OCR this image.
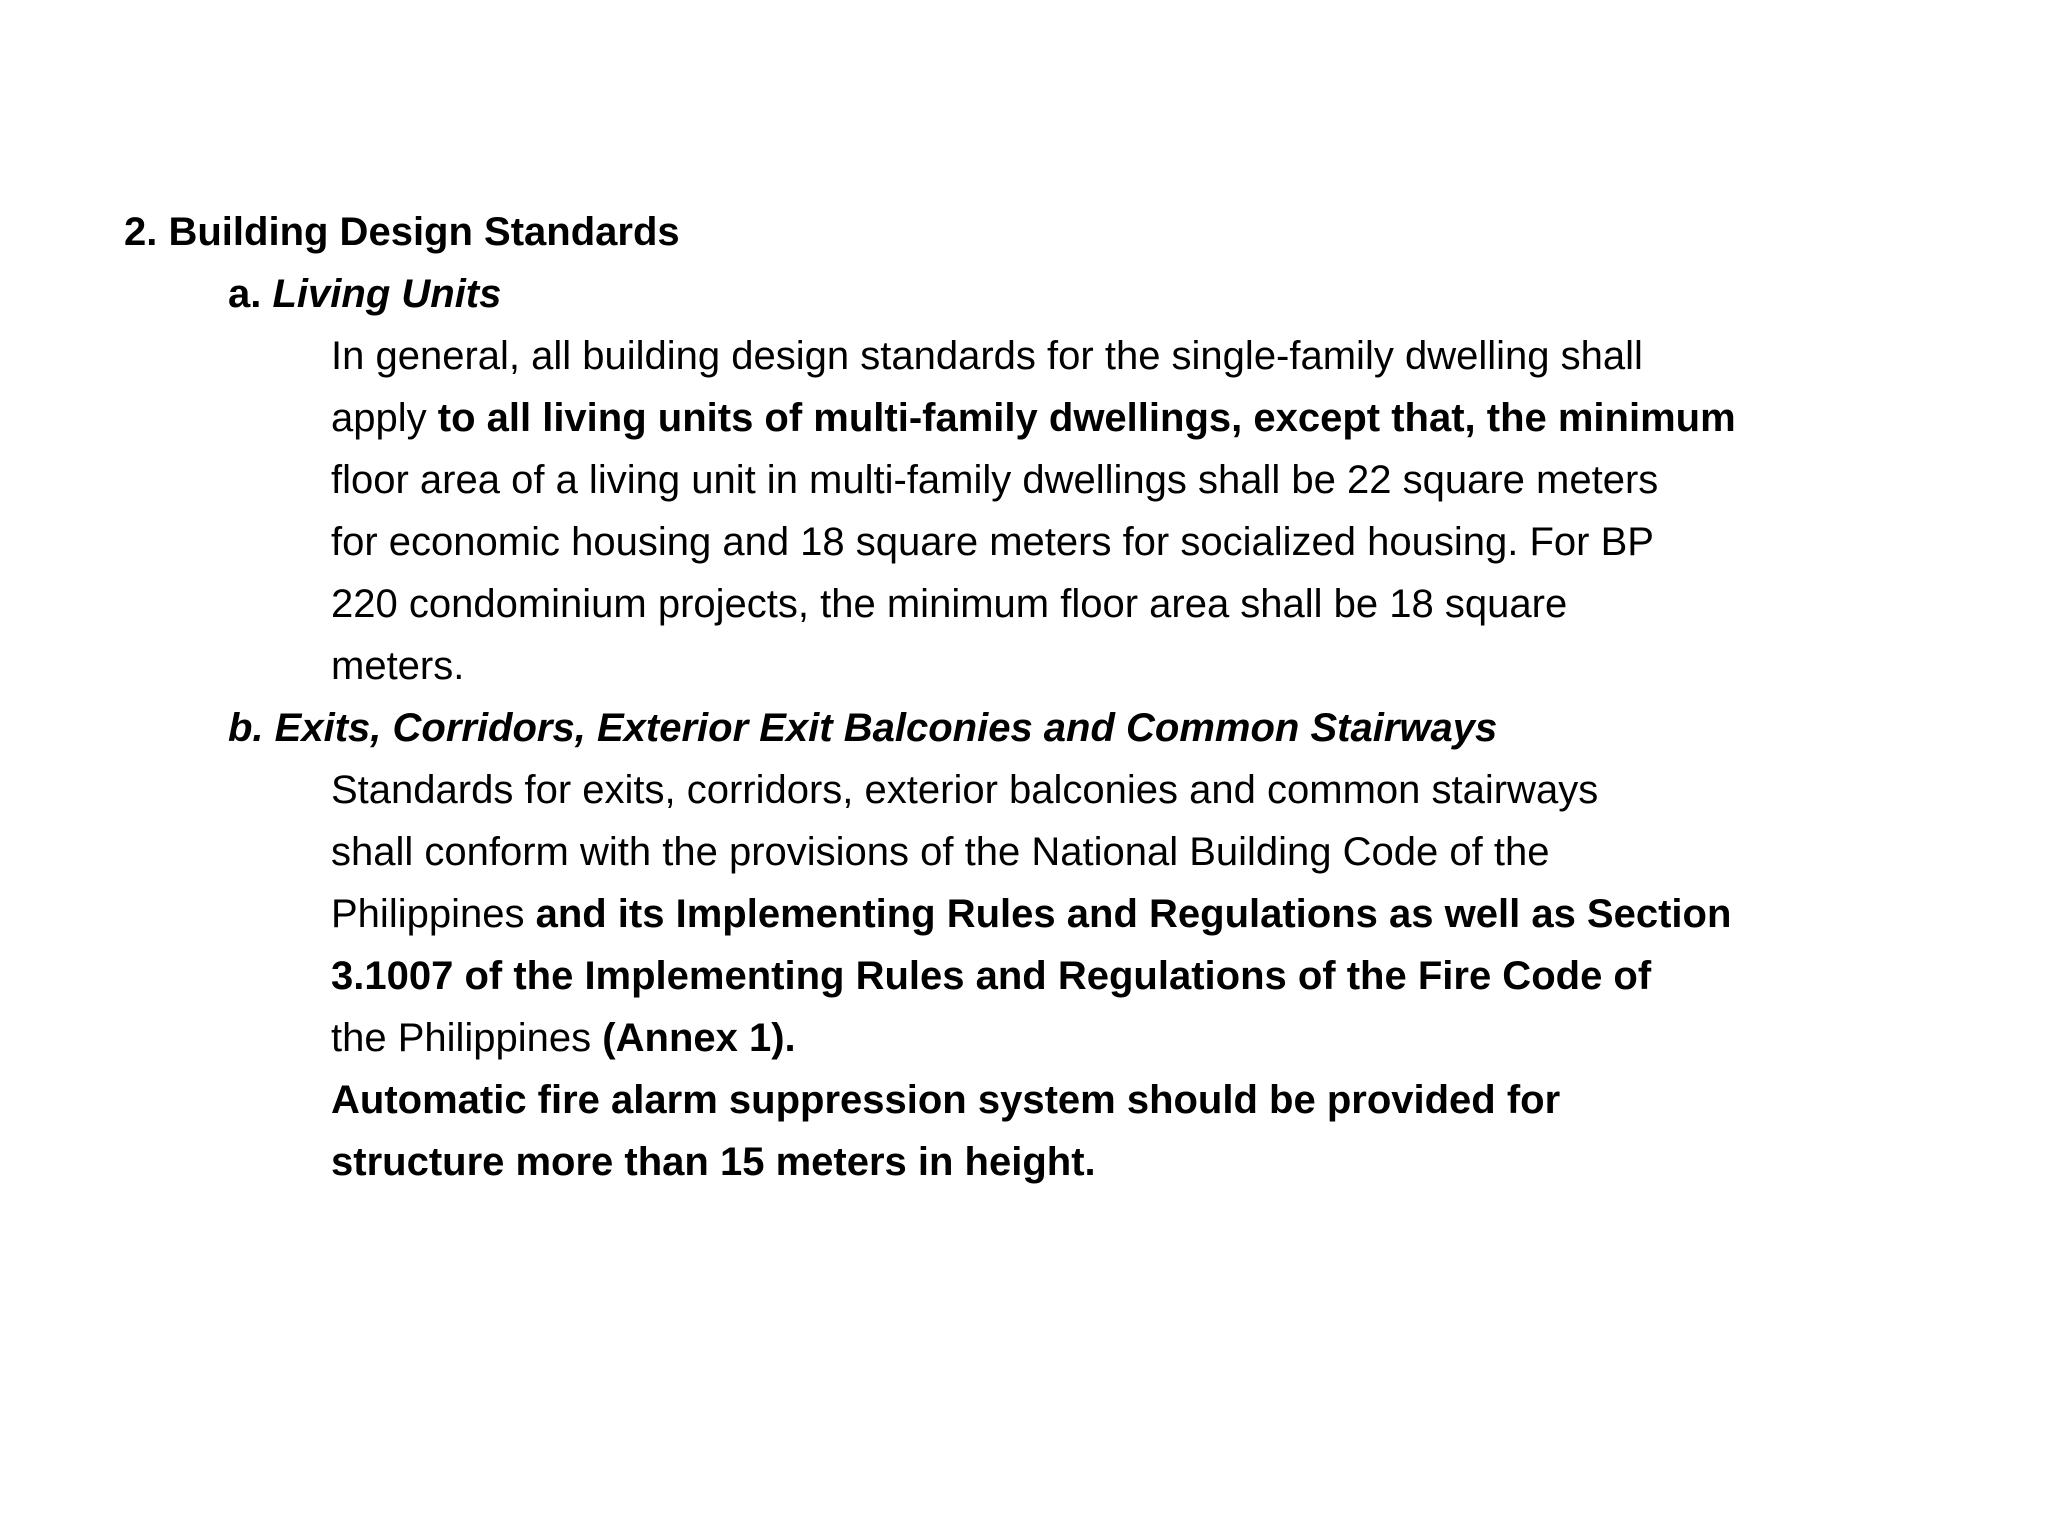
2. Building Design Standards
a. Living Units
In general, all building design standards for the single-family dwelling shall
apply to all living units of multi-family dwellings, except that, the minimum
floor area of a living unit in multi-family dwellings shall be 22 square meters
for economic housing and 18 square meters for socialized housing. For BP
220 condominium projects, the minimum floor area shall be 18 square
meters.
b. Exits, Corridors, Exterior Exit Balconies and Common Stairways
Standards for exits, corridors, exterior balconies and common stairways
shall conform with the provisions of the National Building Code of the
Philippines and its Implementing Rules and Regulations as well as Section
3.1007 of the Implementing Rules and Regulations of the Fire Code of
the Philippines (Annex 1).
Automatic fire alarm suppression system should be provided for
structure more than 15 meters in height.
